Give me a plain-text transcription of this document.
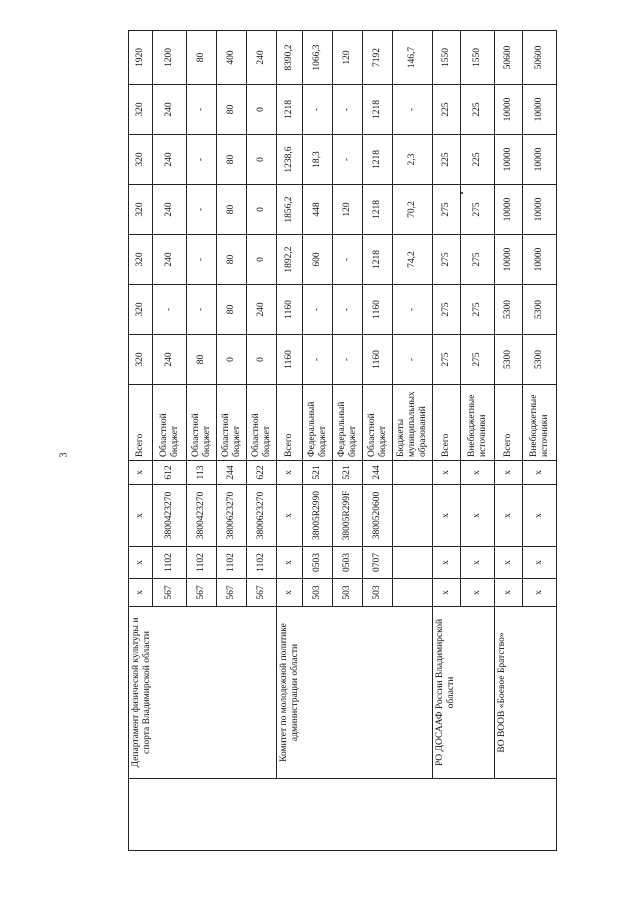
3
	Департамент физической культуры и спорта Владимирской области	x	x	x	x	Всего	320	320	320	320	320	320	1920
		567	1102	3800423270	612	Областной бюджет	240	-	240	240	240	240	1200
		567	1102	3800423270	113	Областной бюджет	80	-	-	-	-	-	80
		567	1102	3800623270	244	Областной бюджет	0	80	80	80	80	80	400
		567	1102	3800623270	622	Областной бюджет	0	240	0	0	0	0	240
	Комитет по молодежной политике администрации области	x	x	x	x	Всего	1160	1160	1892,2	1856,2	1238,6	1218	8390,2
		503	0503	38005R2990	521	Федеральный бюджет	-	-	600	448	18,3	-	1066,3
		503	0503	38005R299F	521	Федеральный бюджет	-	-	-	120	-	-	120
		503	0707	3800520600	244	Областной бюджет	1160	1160	1218	1218	1218	1218	7192
						Бюджеты муниципальных образований	-	-	74,2	70,2	2,3	-	146,7
	РО ДОСААФ России Владимирской области	x	x	x	x	Всего	275	275	275	275	225	225	1550
		x	x	x	x	Внебюджетные источники	275	275	275	275	225	225	1550
	ВО ВООВ «Боевое Братство»	x	x	x	x	Всего	5300	5300	10000	10000	10000	10000	50600
		x	x	x	x	Внебюджетные источники	5300	5300	10000	10000	10000	10000	50600
